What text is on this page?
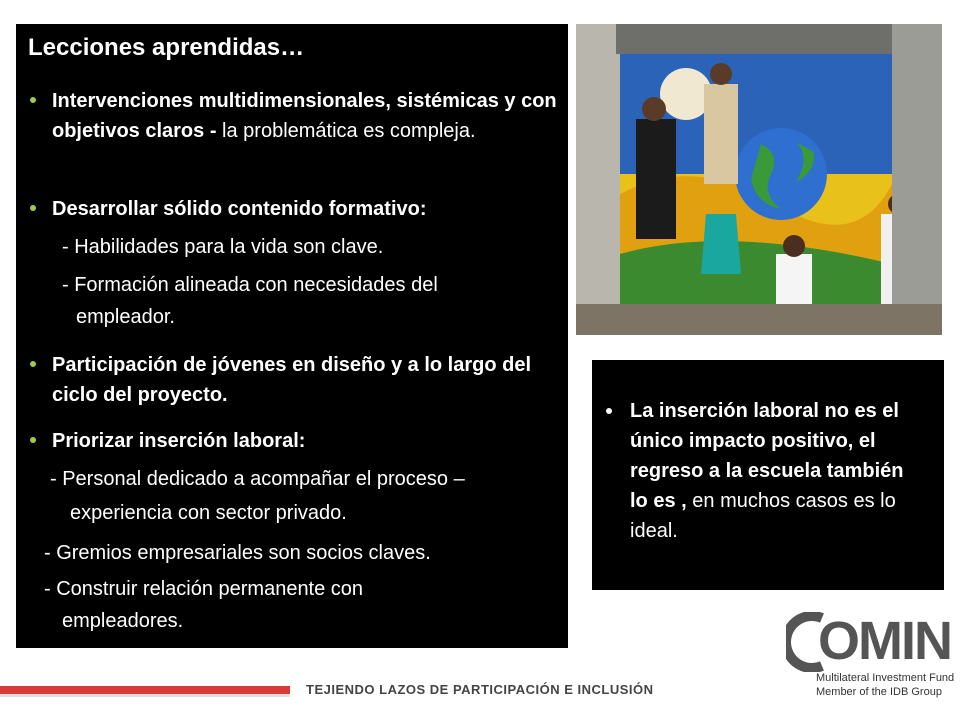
Lecciones aprendidas…
Intervenciones multidimensionales, sistémicas y con objetivos claros - la problemática es compleja.
Desarrollar sólido contenido formativo:
- Habilidades para la vida son clave.
- Formación alineada con necesidades del
empleador.
Participación de jóvenes en diseño y a lo largo del ciclo del proyecto.
Priorizar inserción laboral:
- Personal dedicado a acompañar el proceso –
experiencia con sector privado.
- Gremios empresariales son socios claves.
- Construir relación permanente con
empleadores.
La inserción laboral no es el único impacto positivo, el regreso a la escuela también lo es , en muchos casos es lo ideal.
TEJIENDO LAZOS DE PARTICIPACIÓN E INCLUSIÓN
OMIN
Multilateral Investment Fund
Member of the IDB Group
